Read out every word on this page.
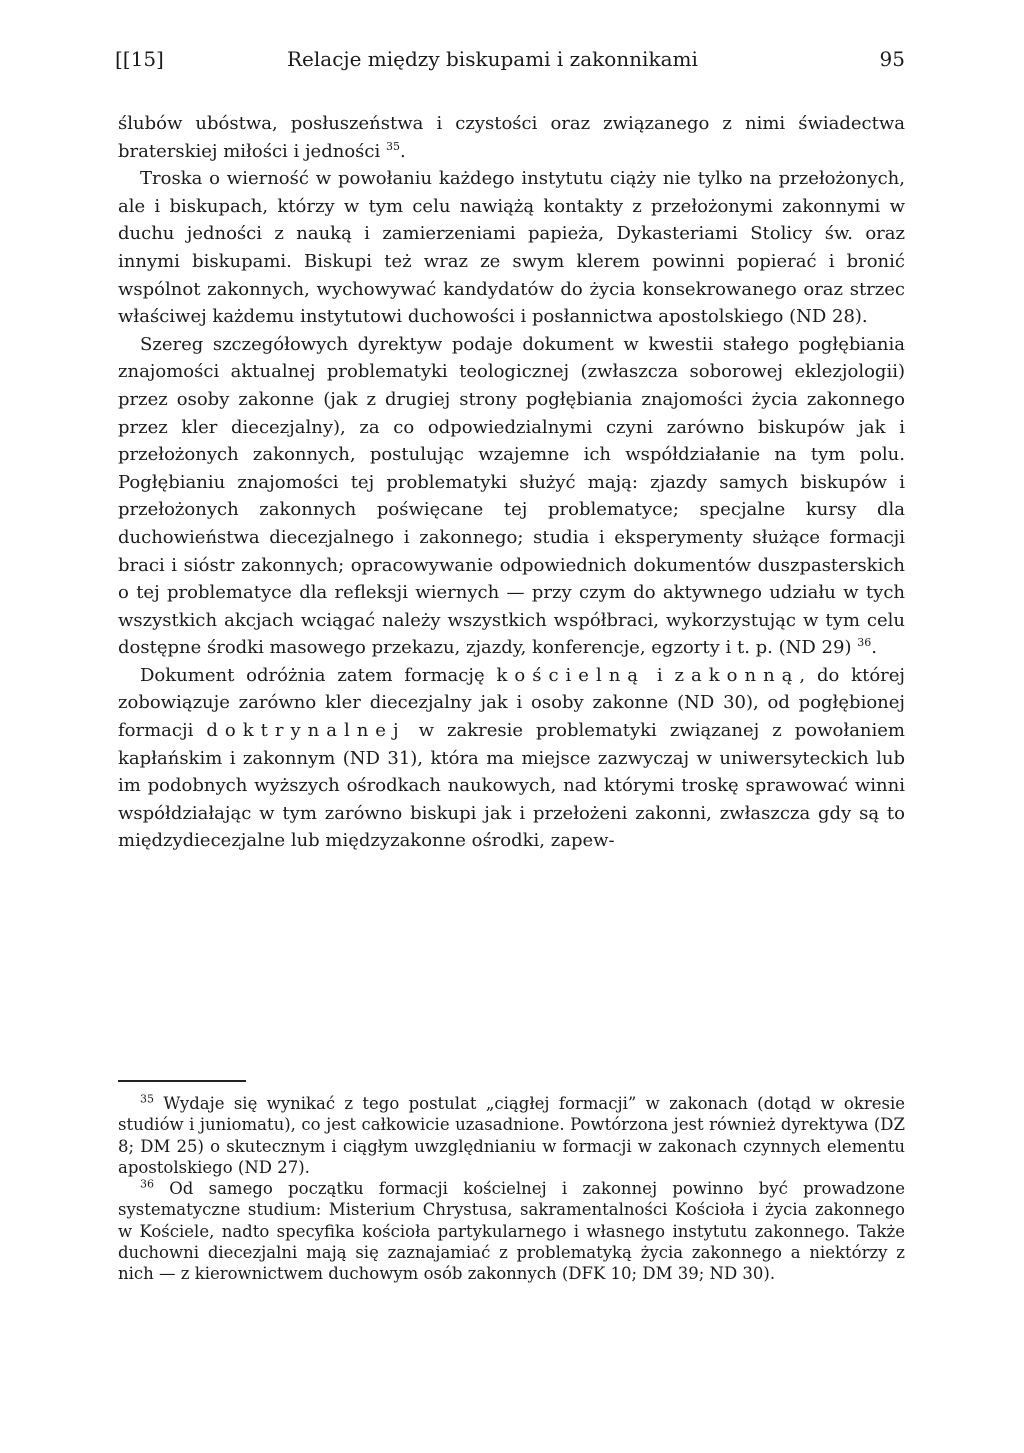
[[15]	Relacje między biskupami i zakonnikami	95

ślubów ubóstwa, posłuszeństwa i czystości oraz związanego z nimi świadectwa braterskiej miłości i jedności $^{35}$.

Troska o wierność w powołaniu każdego instytutu ciąży nie tylko na przełożonych, ale i biskupach, którzy w tym celu nawiążą kontakty z przełożonymi zakonnymi w duchu jedności z nauką i zamierzeniami papieża, Dykasteriami Stolicy św. oraz innymi biskupami. Biskupi też wraz ze swym klerem powinni popierać i bronić wspólnot zakonnych, wychowywać kandydatów do życia konsekrowanego oraz strzec właściwej każdemu instytutowi duchowości i posłannictwa apostolskiego (ND 28).

Szereg szczegółowych dyrektyw podaje dokument w kwestii stałego pogłębiania znajomości aktualnej problematyki teologicznej (zwłaszcza soborowej eklezjologii) przez osoby zakonne (jak z drugiej strony pogłębiania znajomości życia zakonnego przez kler diecezjalny), za co odpowiedzialnymi czyni zarówno biskupów jak i przełożonych zakonnych, postulując wzajemne ich współdziałanie na tym polu. Pogłębianiu znajomości tej problematyki służyć mają: zjazdy samych biskupów i przełożonych zakonnych poświęcane tej problematyce; specjalne kursy dla duchowieństwa diecezjalnego i zakonnego; studia i eksperymenty służące formacji braci i sióstr zakonnych; opracowywanie odpowiednich dokumentów duszpasterskich o tej problematyce dla refleksji wiernych — przy czym do aktywnego udziału w tych wszystkich akcjach wciągać należy wszystkich współbraci, wykorzystując w tym celu dostępne środki masowego przekazu, zjazdy, konferencje, egzorty i t. p. (ND 29) $^{36}$.

Dokument odróżnia zatem formację kościelną i zakonną, do której zobowiązuje zarówno kler diecezjalny jak i osoby zakonne (ND 30), od pogłębionej formacji doktrynalnej w zakresie problematyki związanej z powołaniem kapłańskim i zakonnym (ND 31), która ma miejsce zazwyczaj w uniwersyteckich lub im podobnych wyższych ośrodkach naukowych, nad którymi troskę sprawować winni współdziałając w tym zarówno biskupi jak i przełożeni zakonni, zwłaszcza gdy są to międzydiecezjalne lub międzyzakonne ośrodki, zapew-

$^{35}$ Wydaje się wynikać z tego postulat „ciągłej formacji” w zakonach (dotąd w okresie studiów i juniomatu), co jest całkowicie uzasadnione. Powtórzona jest również dyrektywa (DZ 8; DM 25) o skutecznym i ciągłym uwzględnianiu w formacji w zakonach czynnych elementu apostolskiego (ND 27).

$^{36}$ Od samego początku formacji kościelnej i zakonnej powinno być prowadzone systematyczne studium: Misterium Chrystusa, sakramentalności Kościoła i życia zakonnego w Kościele, nadto specyfika kościoła partykularnego i własnego instytutu zakonnego. Także duchowni diecezjalni mają się zaznajamiać z problematyką życia zakonnego a niektórzy z nich — z kierownictwem duchowym osób zakonnych (DFK 10; DM 39; ND 30).
